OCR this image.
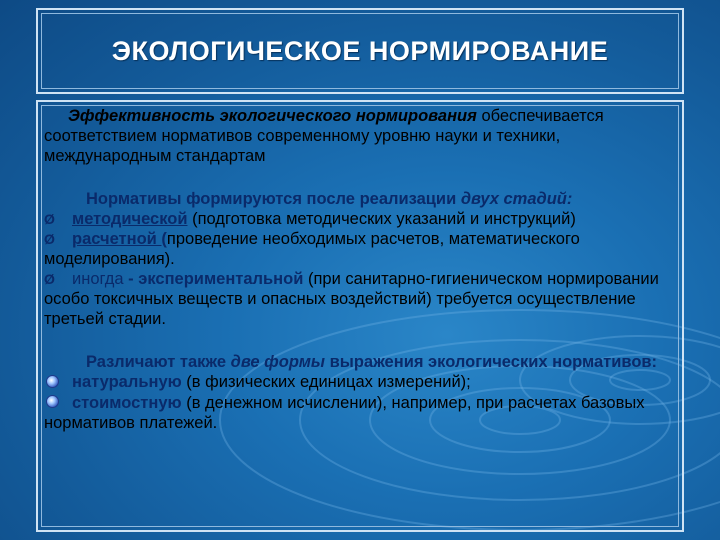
ЭКОЛОГИЧЕСКОЕ НОРМИРОВАНИЕ

Эффективность экологического нормирования обеспечивается соответствием нормативов современному уровню науки и техники, международным стандартам

Нормативы формируются после реализации двух стадий:

Ø методической (подготовка методических указаний и инструкций)

Ø расчетной (проведение необходимых расчетов, математического моделирования).

Ø иногда - экспериментальной (при санитарно-гигиеническом нормировании особо токсичных веществ и опасных воздействий) требуется осуществление третьей стадии.

Различают также две формы выражения экологических нормативов:

натуральную (в физических единицах измерений);

стоимостную (в денежном исчислении), например, при расчетах базовых нормативов платежей.
